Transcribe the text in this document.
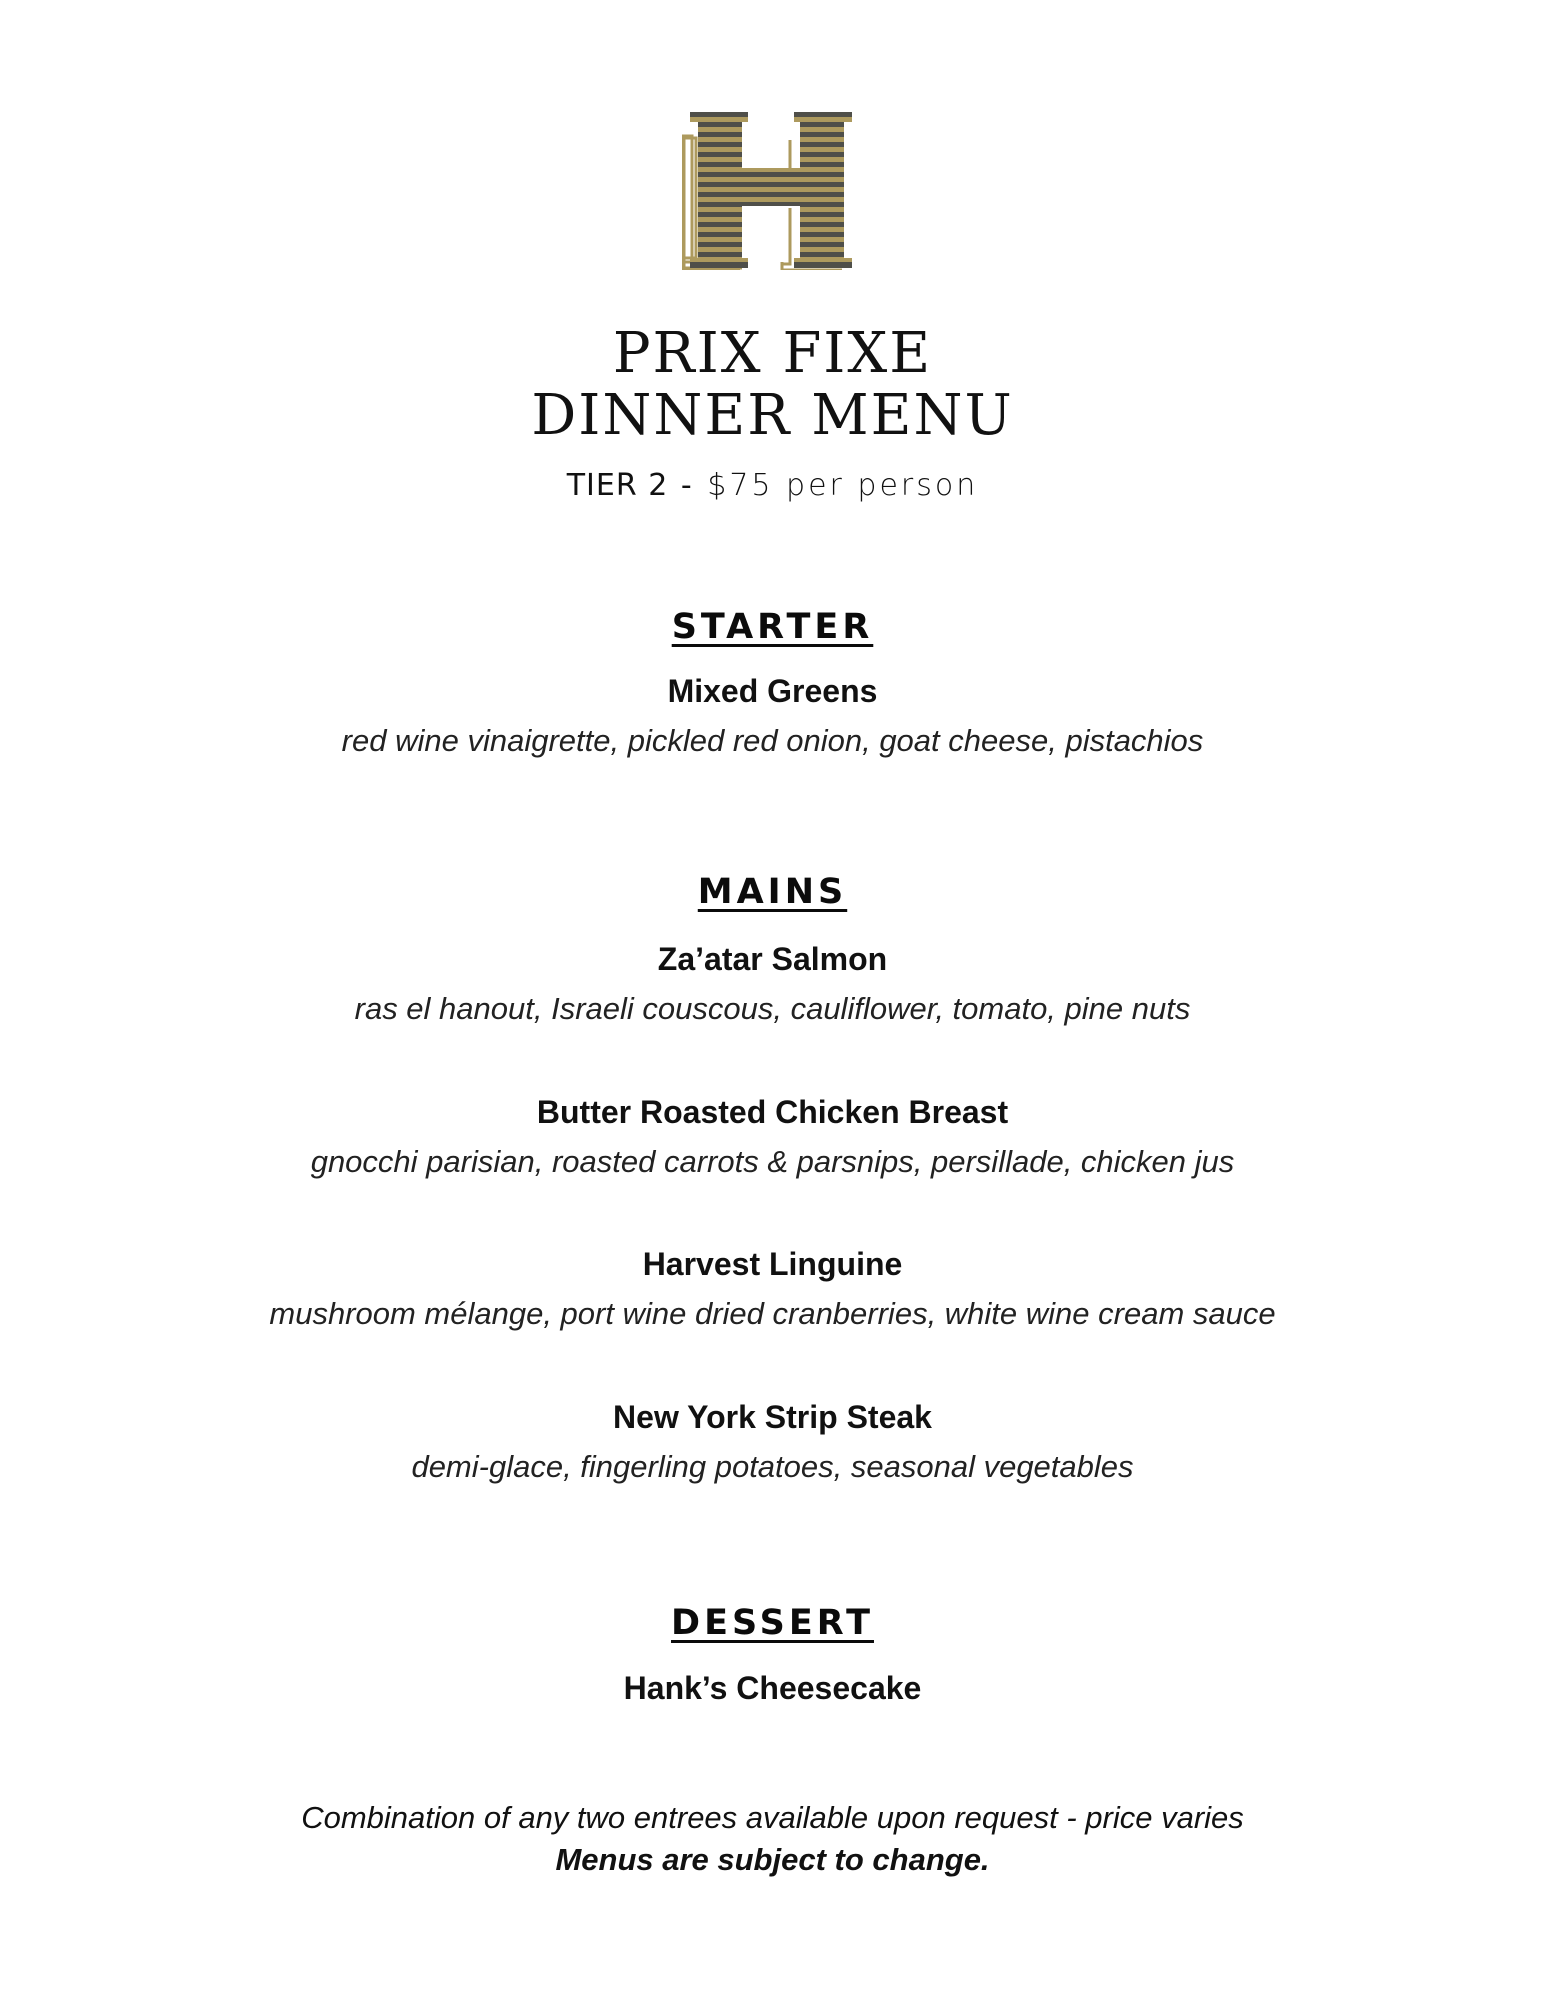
PRIX FIXE
DINNER MENU
TIER 2 - $75 per person
STARTER
Mixed Greens
red wine vinaigrette, pickled red onion, goat cheese, pistachios
MAINS
Za’atar Salmon
ras el hanout, Israeli couscous, cauliflower, tomato, pine nuts
Butter Roasted Chicken Breast
gnocchi parisian, roasted carrots & parsnips, persillade, chicken jus
Harvest Linguine
mushroom mélange, port wine dried cranberries, white wine cream sauce
New York Strip Steak
demi-glace, fingerling potatoes, seasonal vegetables
DESSERT
Hank’s Cheesecake
Combination of any two entrees available upon request - price varies
Menus are subject to change.
